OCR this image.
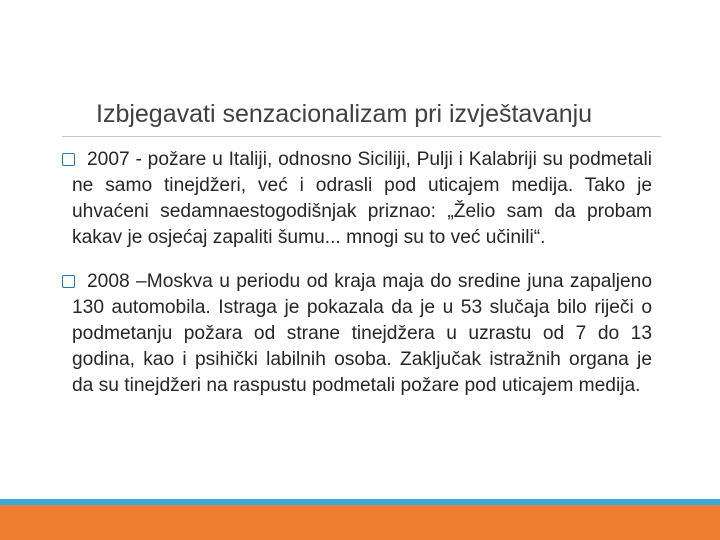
Izbjegavati senzacionalizam pri izvještavanju
2007 - požare u Italiji, odnosno Siciliji, Pulji i Kalabriji su podmetali ne samo tinejdžeri, već i odrasli pod uticajem medija. Tako je uhvaćeni sedamnaestogodišnjak priznao: „Želio sam da probam kakav je osjećaj zapaliti šumu... mnogi su to već učinili“.
2008 –Moskva u periodu od kraja maja do sredine juna zapaljeno 130 automobila. Istraga je pokazala da je u 53 slučaja bilo riječi o podmetanju požara od strane tinejdžera u uzrastu od 7 do 13 godina, kao i psihički labilnih osoba. Zaključak istražnih organa je da su tinejdžeri na raspustu podmetali požare pod uticajem medija.
